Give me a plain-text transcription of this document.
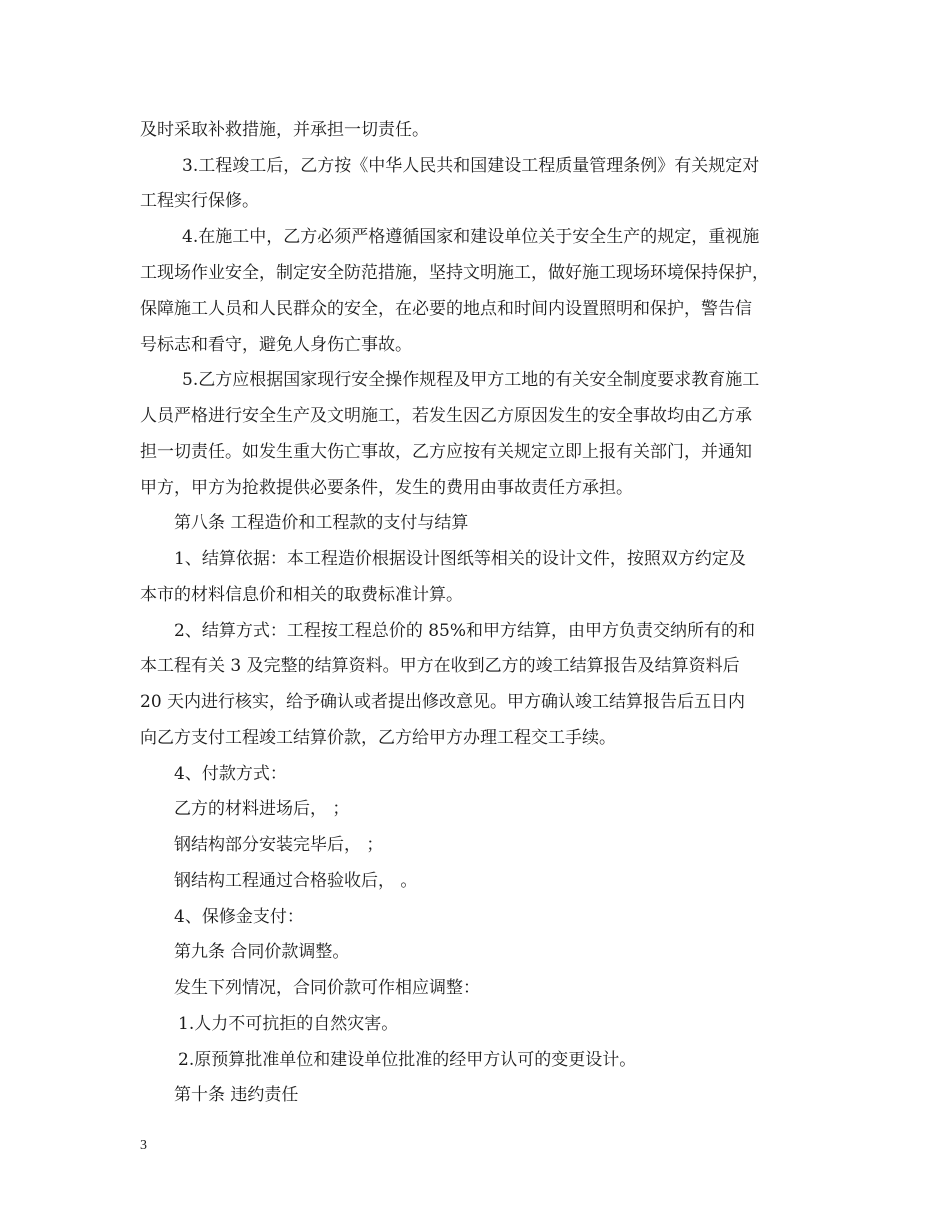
及时采取补救措施，并承担一切责任。

3.工程竣工后，乙方按《中华人民共和国建设工程质量管理条例》有关规定对

工程实行保修。

4.在施工中，乙方必须严格遵循国家和建设单位关于安全生产的规定，重视施

工现场作业安全，制定安全防范措施，坚持文明施工，做好施工现场环境保持保护，

保障施工人员和人民群众的安全，在必要的地点和时间内设置照明和保护，警告信

号标志和看守，避免人身伤亡事故。

5.乙方应根据国家现行安全操作规程及甲方工地的有关安全制度要求教育施工

人员严格进行安全生产及文明施工，若发生因乙方原因发生的安全事故均由乙方承

担一切责任。如发生重大伤亡事故，乙方应按有关规定立即上报有关部门，并通知

甲方，甲方为抢救提供必要条件，发生的费用由事故责任方承担。

第八条 工程造价和工程款的支付与结算

1、结算依据：本工程造价根据设计图纸等相关的设计文件，按照双方约定及

本市的材料信息价和相关的取费标准计算。

2、结算方式：工程按工程总价的 85%和甲方结算，由甲方负责交纳所有的和

本工程有关 3 及完整的结算资料。甲方在收到乙方的竣工结算报告及结算资料后

20 天内进行核实，给予确认或者提出修改意见。甲方确认竣工结算报告后五日内

向乙方支付工程竣工结算价款，乙方给甲方办理工程交工手续。

4、付款方式：

乙方的材料进场后， ；

钢结构部分安装完毕后， ；

钢结构工程通过合格验收后， 。

4、保修金支付：

第九条 合同价款调整。

发生下列情况，合同价款可作相应调整：

1.人力不可抗拒的自然灾害。

2.原预算批准单位和建设单位批准的经甲方认可的变更设计。

第十条 违约责任

3
